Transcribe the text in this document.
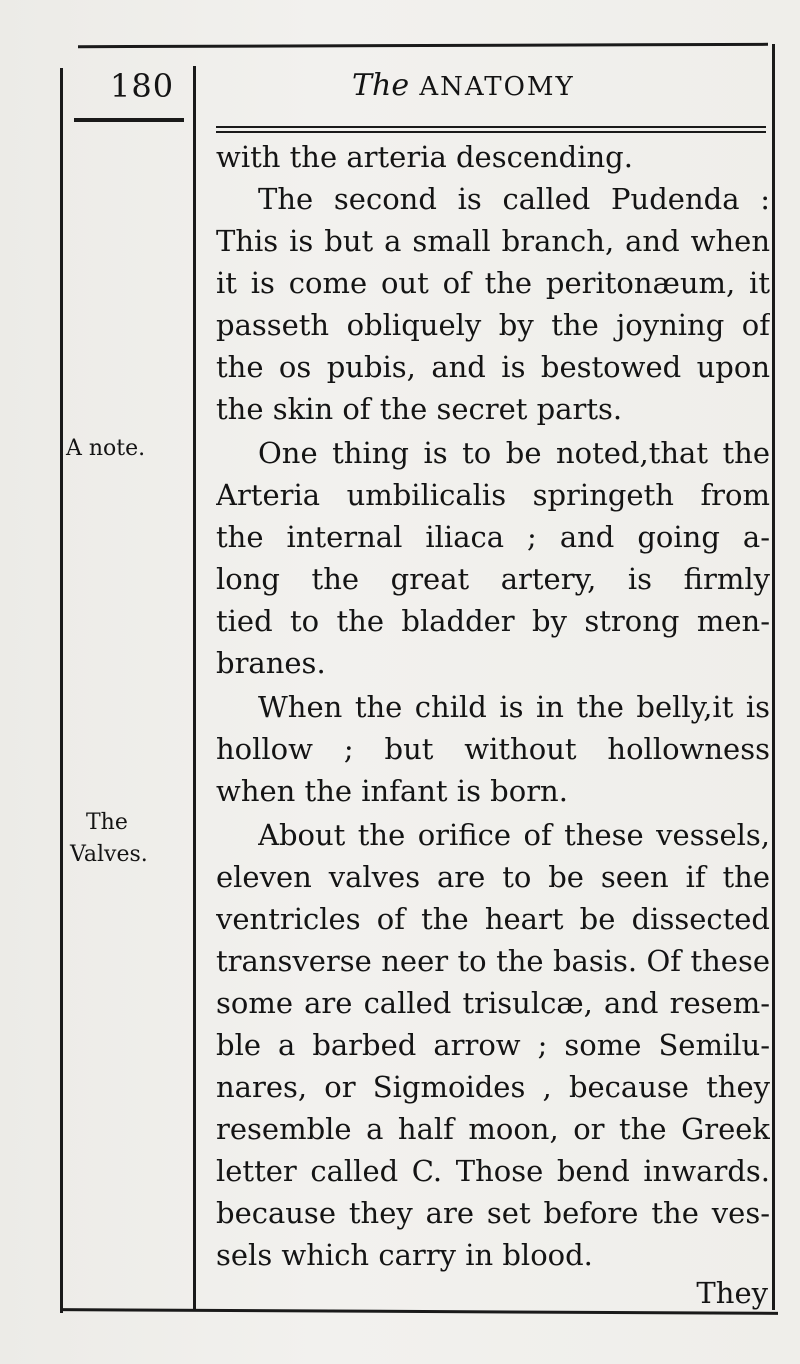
180	The ANATOMY
A note.
The
Valves.
with the arteria descending.
The second is called Pudenda :
This is but a small branch, and when
it is come out of the peritonæum, it
passeth obliquely by the joyning of
the os pubis, and is bestowed upon
the skin of the secret parts.
One thing is to be noted,that the
Arteria umbilicalis springeth from
the internal iliaca ; and going a-
long the great artery, is firmly
tied to the bladder by strong men-
branes.
When the child is in the belly,it is
hollow ; but without hollowness
when the infant is born.
About the orifice of these vessels,
eleven valves are to be seen if the
ventricles of the heart be dissected
transverse neer to the basis. Of these
some are called trisulcæ, and resem-
ble a barbed arrow ; some Semilu-
nares, or Sigmoides , because they
resemble a half moon, or the Greek
letter called C. Those bend inwards.
because they are set before the ves-
sels which carry in blood.
They
